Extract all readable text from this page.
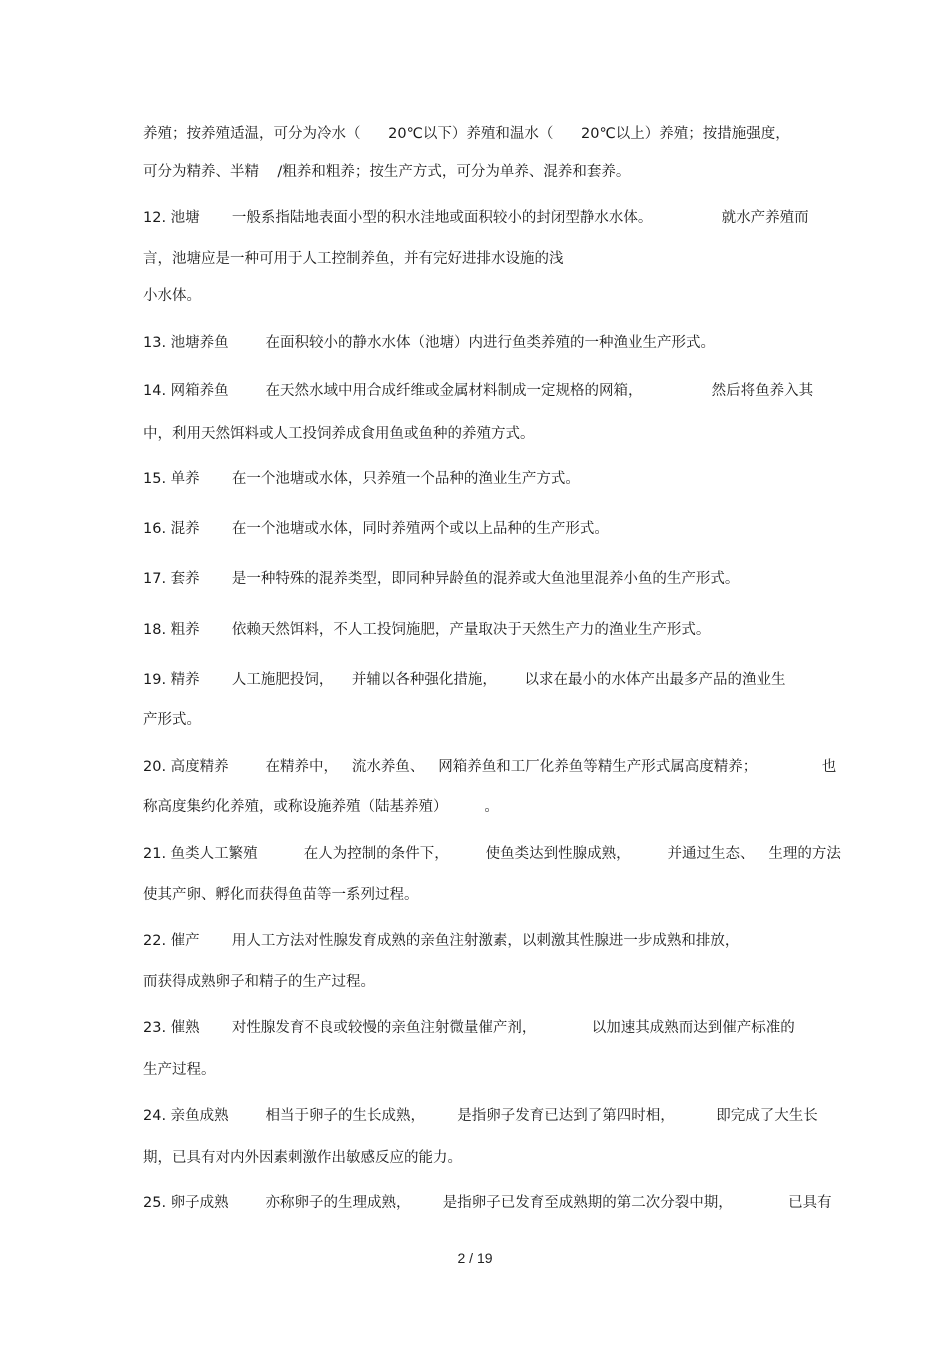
养殖；按养殖适温，可分为冷水（      20℃以下）养殖和温水（      20℃以上）养殖；按措施强度，
可分为精养、半精    /粗养和粗养；按生产方式，可分为单养、混养和套养。
12. 池塘       一般系指陆地表面小型的积水洼地或面积较小的封闭型静水水体。               就水产养殖而
言，池塘应是一种可用于人工控制养鱼，并有完好进排水设施的浅
小水体。
13. 池塘养鱼        在面积较小的静水水体（池塘）内进行鱼类养殖的一种渔业生产形式。
14. 网箱养鱼        在天然水域中用合成纤维或金属材料制成一定规格的网箱，               然后将鱼养入其
中，利用天然饵料或人工投饲养成食用鱼或鱼种的养殖方式。
15. 单养       在一个池塘或水体，只养殖一个品种的渔业生产方式。
16. 混养       在一个池塘或水体，同时养殖两个或以上品种的生产形式。
17. 套养       是一种特殊的混养类型，即同种异龄鱼的混养或大鱼池里混养小鱼的生产形式。
18. 粗养       依赖天然饵料，不人工投饲施肥，产量取决于天然生产力的渔业生产形式。
19. 精养       人工施肥投饲，    并辅以各种强化措施，      以求在最小的水体产出最多产品的渔业生
产形式。
20. 高度精养        在精养中，   流水养鱼、   网箱养鱼和工厂化养鱼等精生产形式属高度精养；              也
称高度集约化养殖，或称设施养殖（陆基养殖）        。
21. 鱼类人工繁殖          在人为控制的条件下，        使鱼类达到性腺成熟，        并通过生态、   生理的方法
使其产卵、孵化而获得鱼苗等一系列过程。
22. 催产       用人工方法对性腺发育成熟的亲鱼注射激素，以刺激其性腺进一步成熟和排放，
而获得成熟卵子和精子的生产过程。
23. 催熟       对性腺发育不良或较慢的亲鱼注射微量催产剂，            以加速其成熟而达到催产标准的
生产过程。
24. 亲鱼成熟        相当于卵子的生长成熟，       是指卵子发育已达到了第四时相，         即完成了大生长
期，已具有对内外因素刺激作出敏感反应的能力。
25. 卵子成熟        亦称卵子的生理成熟，       是指卵子已发育至成熟期的第二次分裂中期，            已具有
2 / 19
